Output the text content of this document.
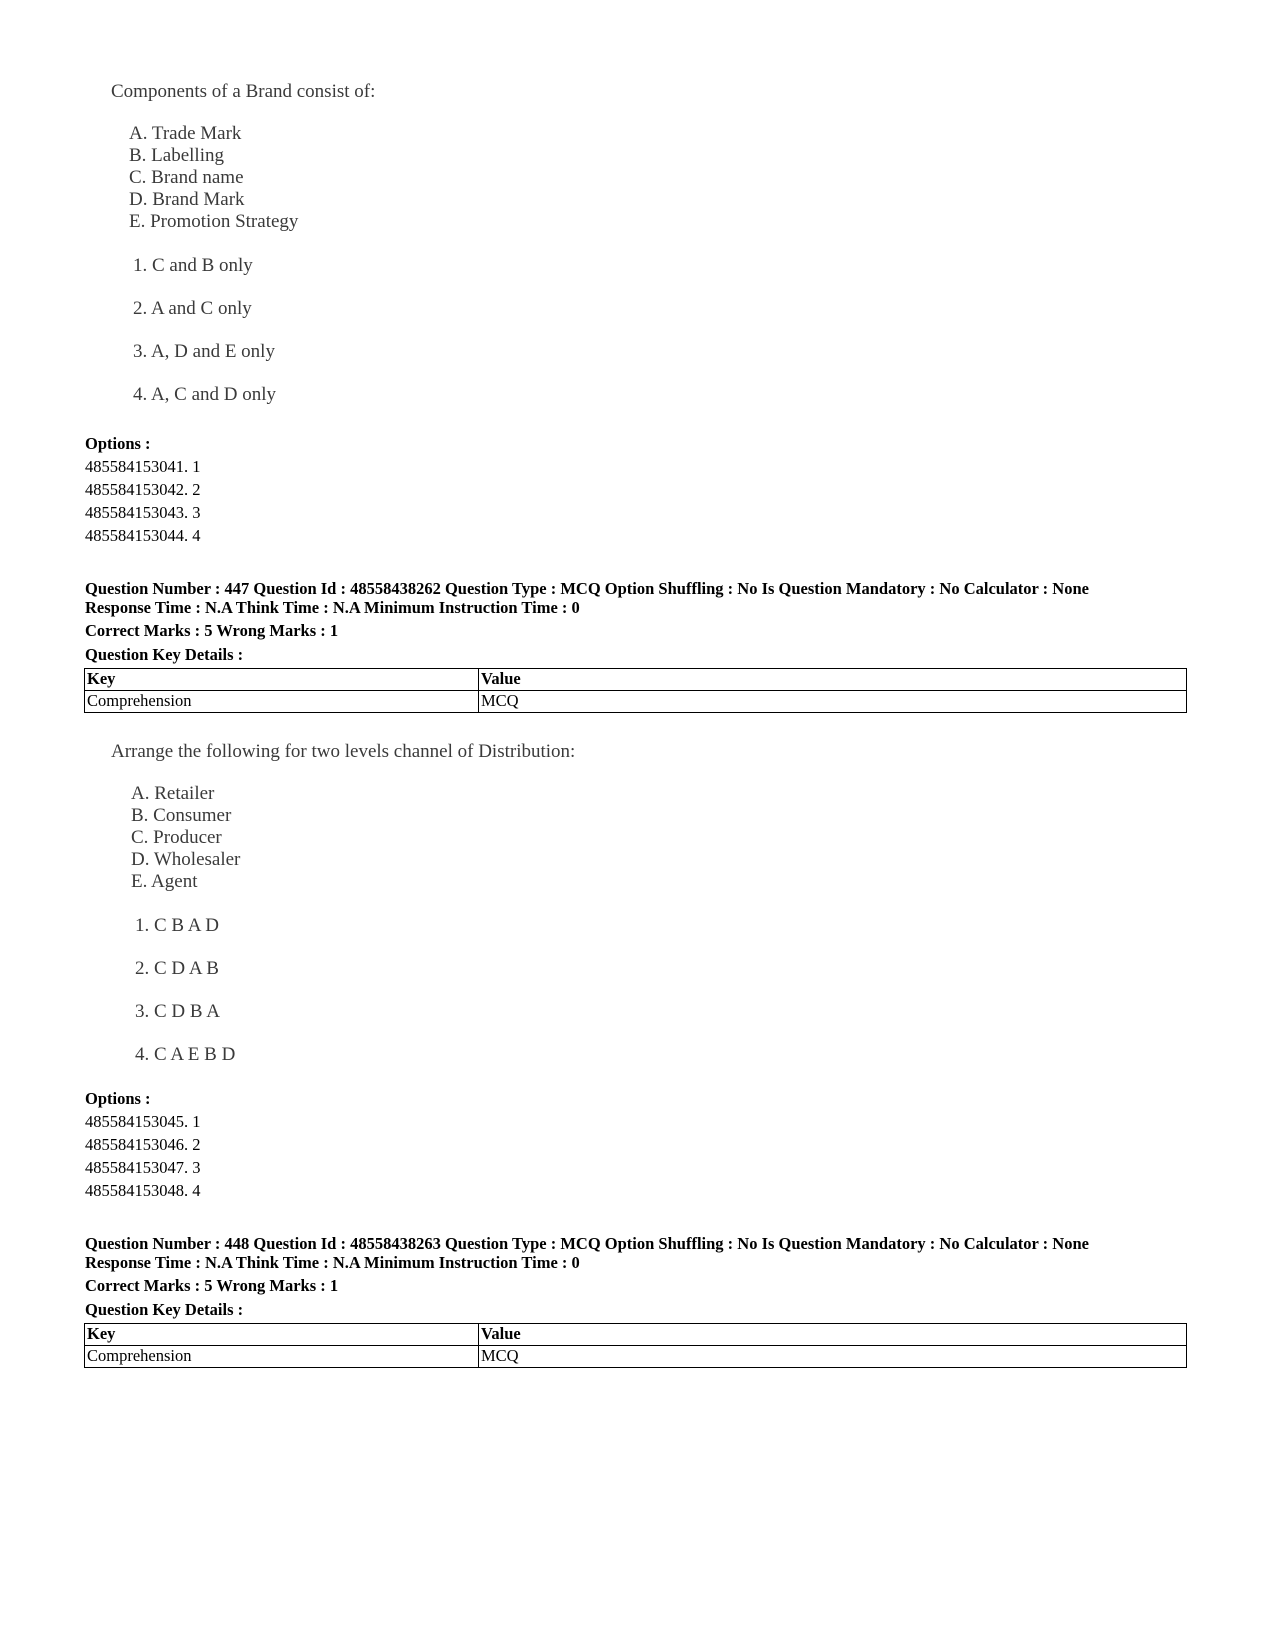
Components of a Brand consist of:
A. Trade Mark
B. Labelling
C. Brand name
D. Brand Mark
E. Promotion Strategy
1. C and B only
2. A and C only
3. A, D and E only
4. A, C and D only
Options :
485584153041. 1
485584153042. 2
485584153043. 3
485584153044. 4
Question Number : 447 Question Id : 48558438262 Question Type : MCQ Option Shuffling : No Is Question Mandatory : No Calculator : None
Response Time : N.A Think Time : N.A Minimum Instruction Time : 0
Correct Marks : 5 Wrong Marks : 1
Question Key Details :
Key	Value
Comprehension	MCQ
Arrange the following for two levels channel of Distribution:
A. Retailer
B. Consumer
C. Producer
D. Wholesaler
E. Agent
1. C B A D
2. C D A B
3. C D B A
4. C A E B D
Options :
485584153045. 1
485584153046. 2
485584153047. 3
485584153048. 4
Question Number : 448 Question Id : 48558438263 Question Type : MCQ Option Shuffling : No Is Question Mandatory : No Calculator : None
Response Time : N.A Think Time : N.A Minimum Instruction Time : 0
Correct Marks : 5 Wrong Marks : 1
Question Key Details :
Key	Value
Comprehension	MCQ
